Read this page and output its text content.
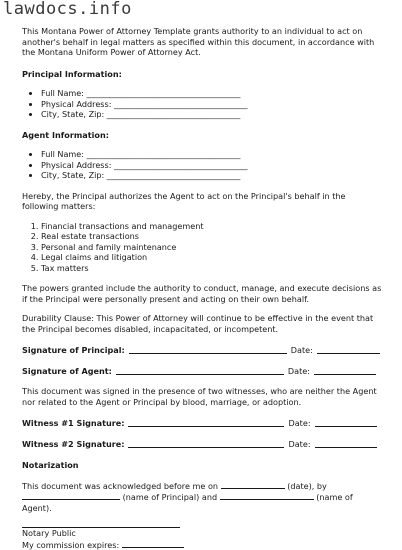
lawdocs.info

This Montana Power of Attorney Template grants authority to an individual to act on another's behalf in legal matters as specified within this document, in accordance with the Montana Uniform Power of Attorney Act.

Principal Information:
• Full Name: ______________________________________
• Physical Address: _________________________________
• City, State, Zip: _________________________________
Agent Information:
• Full Name: ______________________________________
• Physical Address: _________________________________
• City, State, Zip: _________________________________

Hereby, the Principal authorizes the Agent to act on the Principal's behalf in the following matters:

1. Financial transactions and management
2. Real estate transactions
3. Personal and family maintenance
4. Legal claims and litigation
5. Tax matters

The powers granted include the authority to conduct, manage, and execute decisions as if the Principal were personally present and acting on their own behalf.

Durability Clause: This Power of Attorney will continue to be effective in the event that the Principal becomes disabled, incapacitated, or incompetent.

Signature of Principal:	Date:
Signature of Agent:	Date:

This document was signed in the presence of two witnesses, who are neither the Agent nor related to the Agent or Principal by blood, marriage, or adoption.

Witness #1 Signature:	Date:
Witness #2 Signature:	Date:
Notarization

This document was acknowledged before me on	(date), by
(name of Principal) and	(name of
Agent).

Notary Public

My commission expires:
